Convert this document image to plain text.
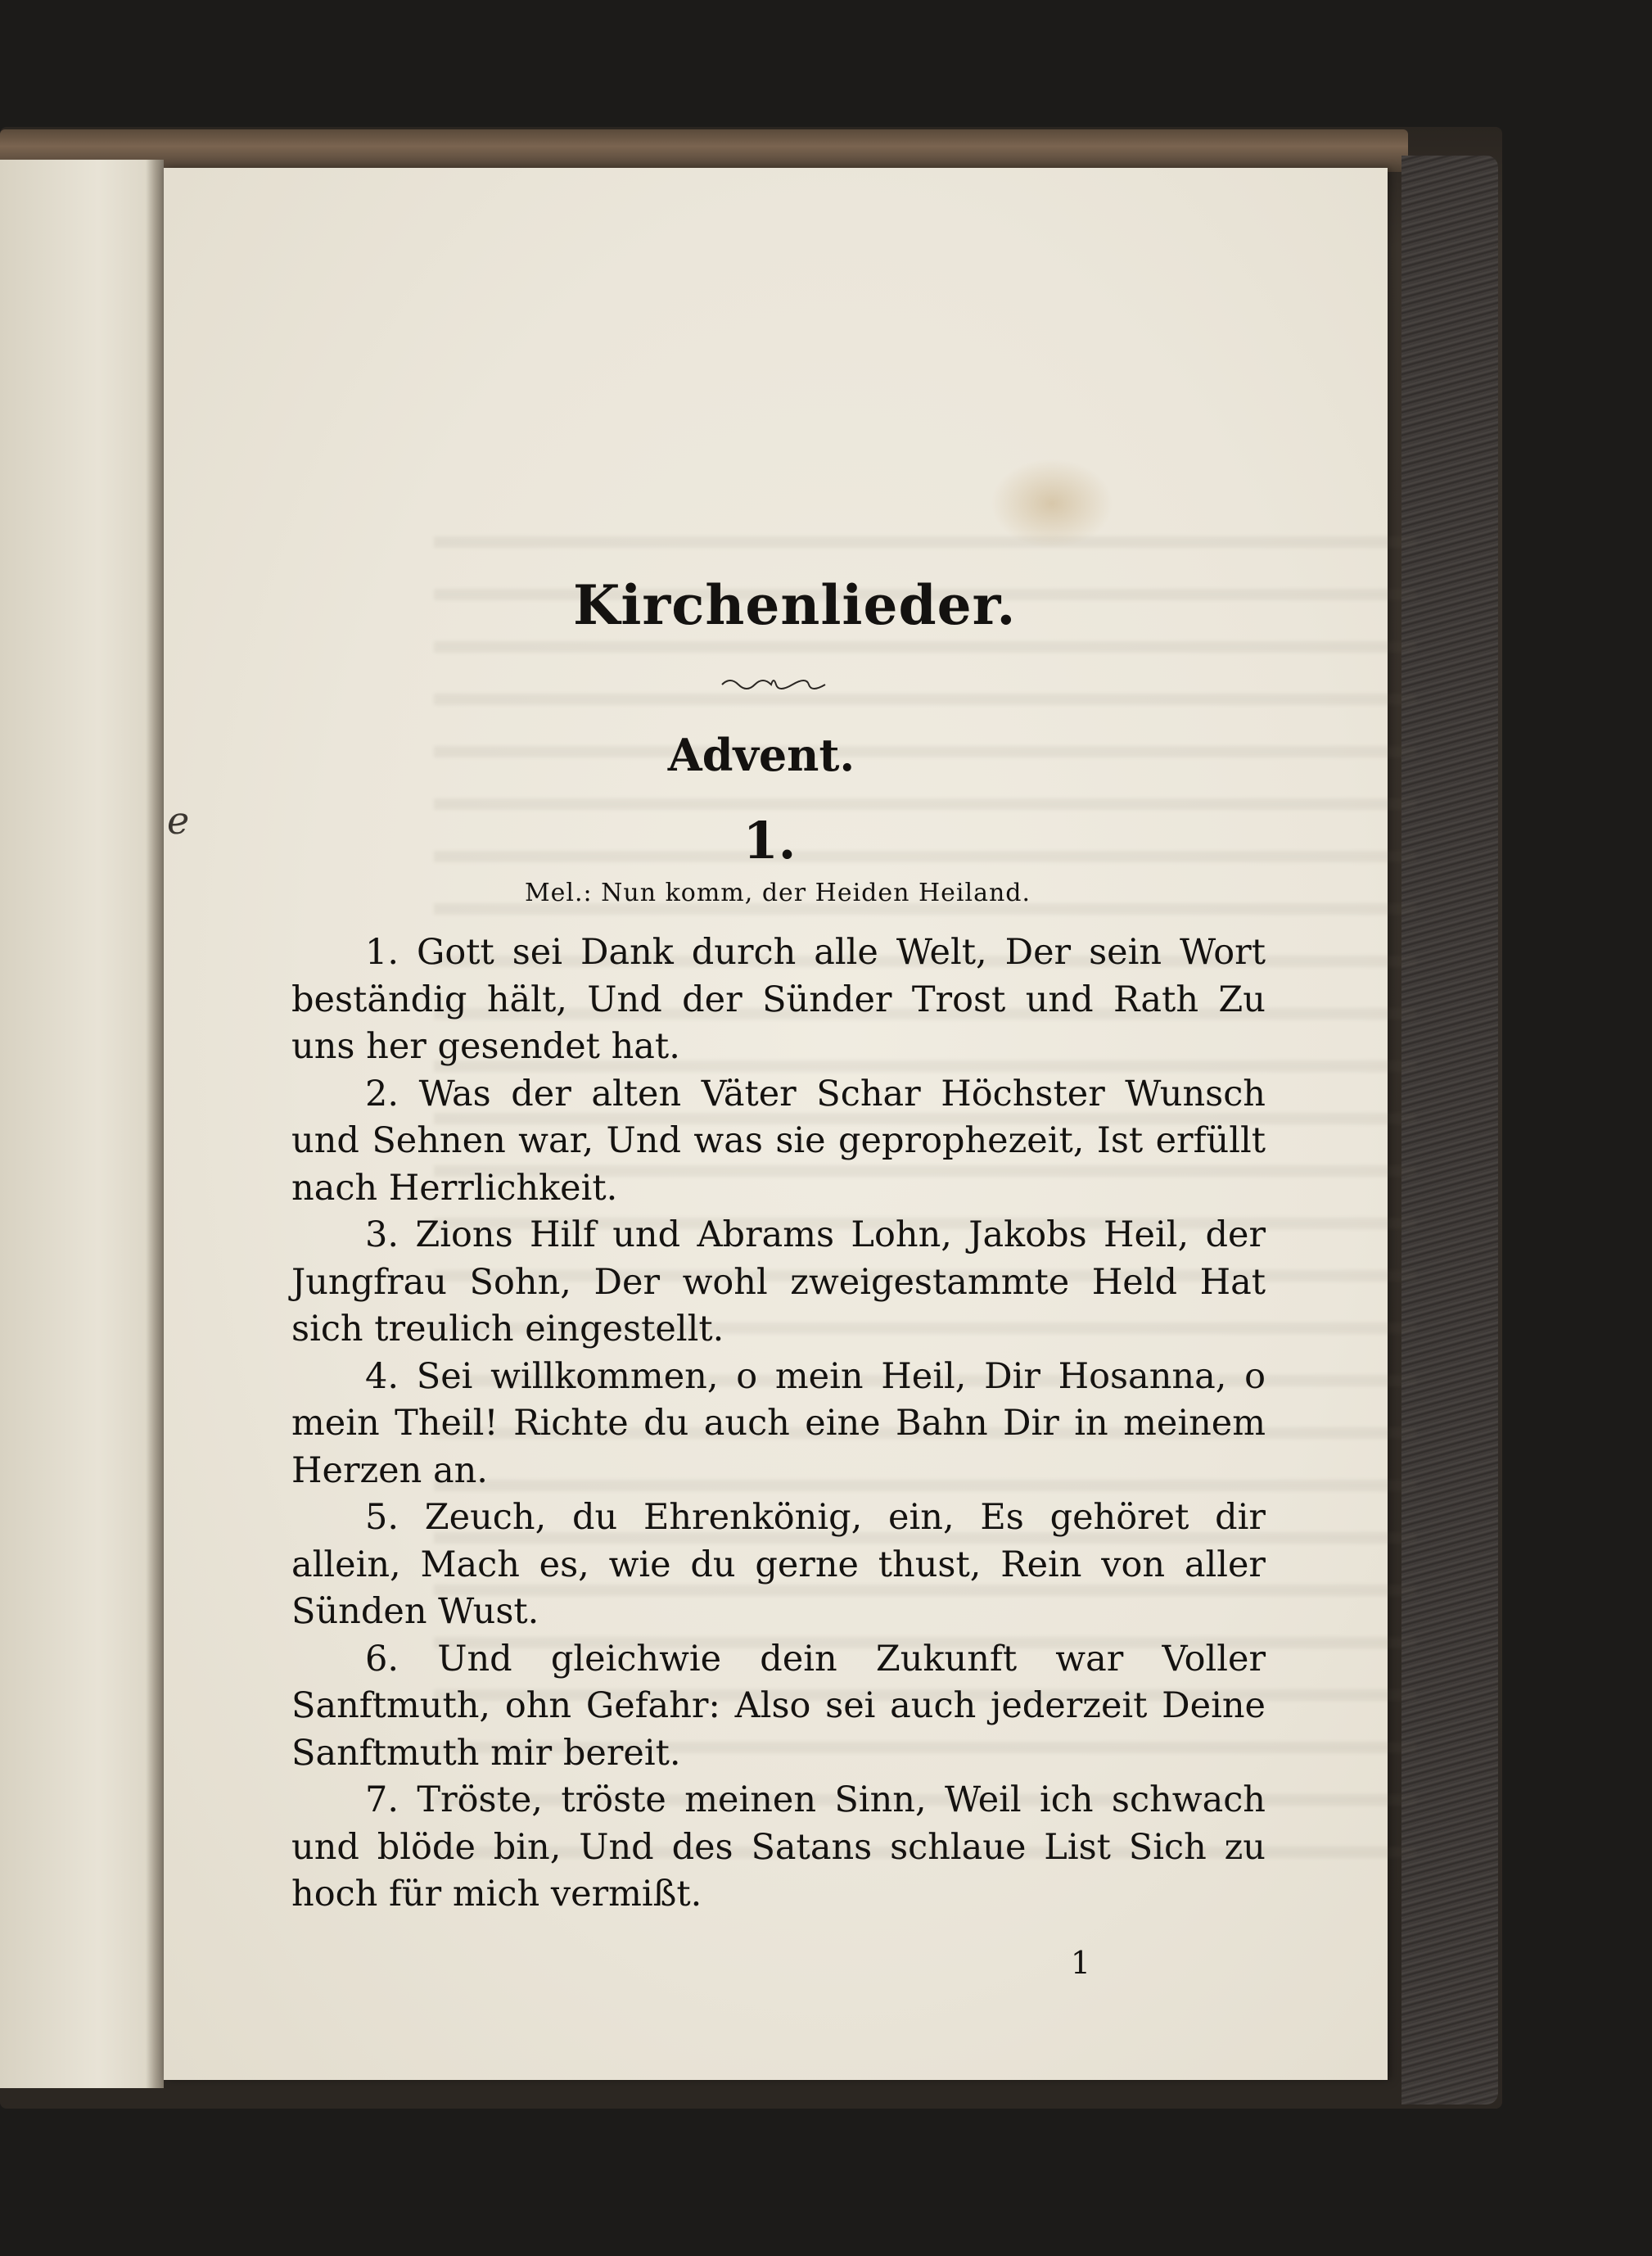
e
Kirchenlieder.
Advent.
1.
Mel.: Nun komm, der Heiden Heiland.

1. Gott sei Dank durch alle Welt, Der sein Wort beständig hält, Und der Sünder Trost und Rath Zu uns her gesendet hat.

2. Was der alten Väter Schar Höchster Wunsch und Sehnen war, Und was sie geprophezeit, Ist erfüllt nach Herrlichkeit.

3. Zions Hilf und Abrams Lohn, Jakobs Heil, der Jungfrau Sohn, Der wohl zweigestammte Held Hat sich treulich eingestellt.

4. Sei willkommen, o mein Heil, Dir Hosanna, o mein Theil! Richte du auch eine Bahn Dir in meinem Herzen an.

5. Zeuch, du Ehrenkönig, ein, Es gehöret dir allein, Mach es, wie du gerne thust, Rein von aller Sünden Wust.

6. Und gleichwie dein Zukunft war Voller Sanftmuth, ohn Gefahr: Also sei auch jederzeit Deine Sanftmuth mir bereit.

7. Tröste, tröste meinen Sinn, Weil ich schwach und blöde bin, Und des Satans schlaue List Sich zu hoch für mich vermißt.

1
